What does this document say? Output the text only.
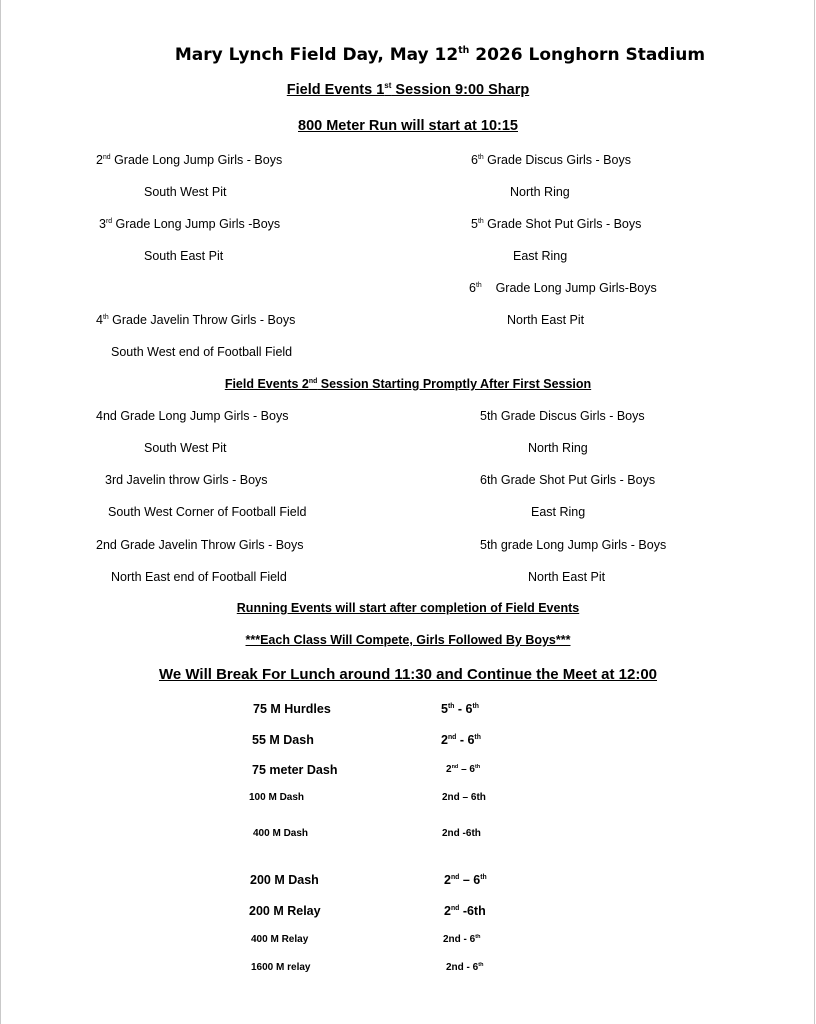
Mary Lynch Field Day, May 12th 2026 Longhorn Stadium
Field Events 1st Session 9:00 Sharp
800 Meter Run will start at 10:15
2nd Grade Long Jump Girls - Boys
South West Pit
3rd Grade Long Jump Girls -Boys
South East Pit
4th Grade Javelin Throw Girls - Boys
South West end of Football Field
6th Grade Discus Girls - Boys
North Ring
5th Grade Shot Put Girls - Boys
East Ring
6th    Grade Long Jump Girls-Boys
North East Pit
Field Events 2nd Session Starting Promptly After First Session
4nd Grade Long Jump Girls - Boys
South West Pit
3rd Javelin throw Girls - Boys
South West Corner of Football Field
2nd Grade Javelin Throw Girls - Boys
North East end of Football Field
5th Grade Discus Girls - Boys
North Ring
6th Grade Shot Put Girls - Boys
East Ring
5th grade Long Jump Girls - Boys
North East Pit
Running Events will start after completion of Field Events
***Each Class Will Compete, Girls Followed By Boys***
We Will Break For Lunch around 11:30 and Continue the Meet at 12:00
75 M Hurdles	5th - 6th
55 M Dash	2nd - 6th
75 meter Dash	2nd – 6th
100 M Dash	2nd – 6th
400 M Dash	2nd -6th
200 M Dash	2nd – 6th
200 M Relay	2nd -6th
400 M Relay	2nd - 6th
1600 M relay	2nd - 6th
